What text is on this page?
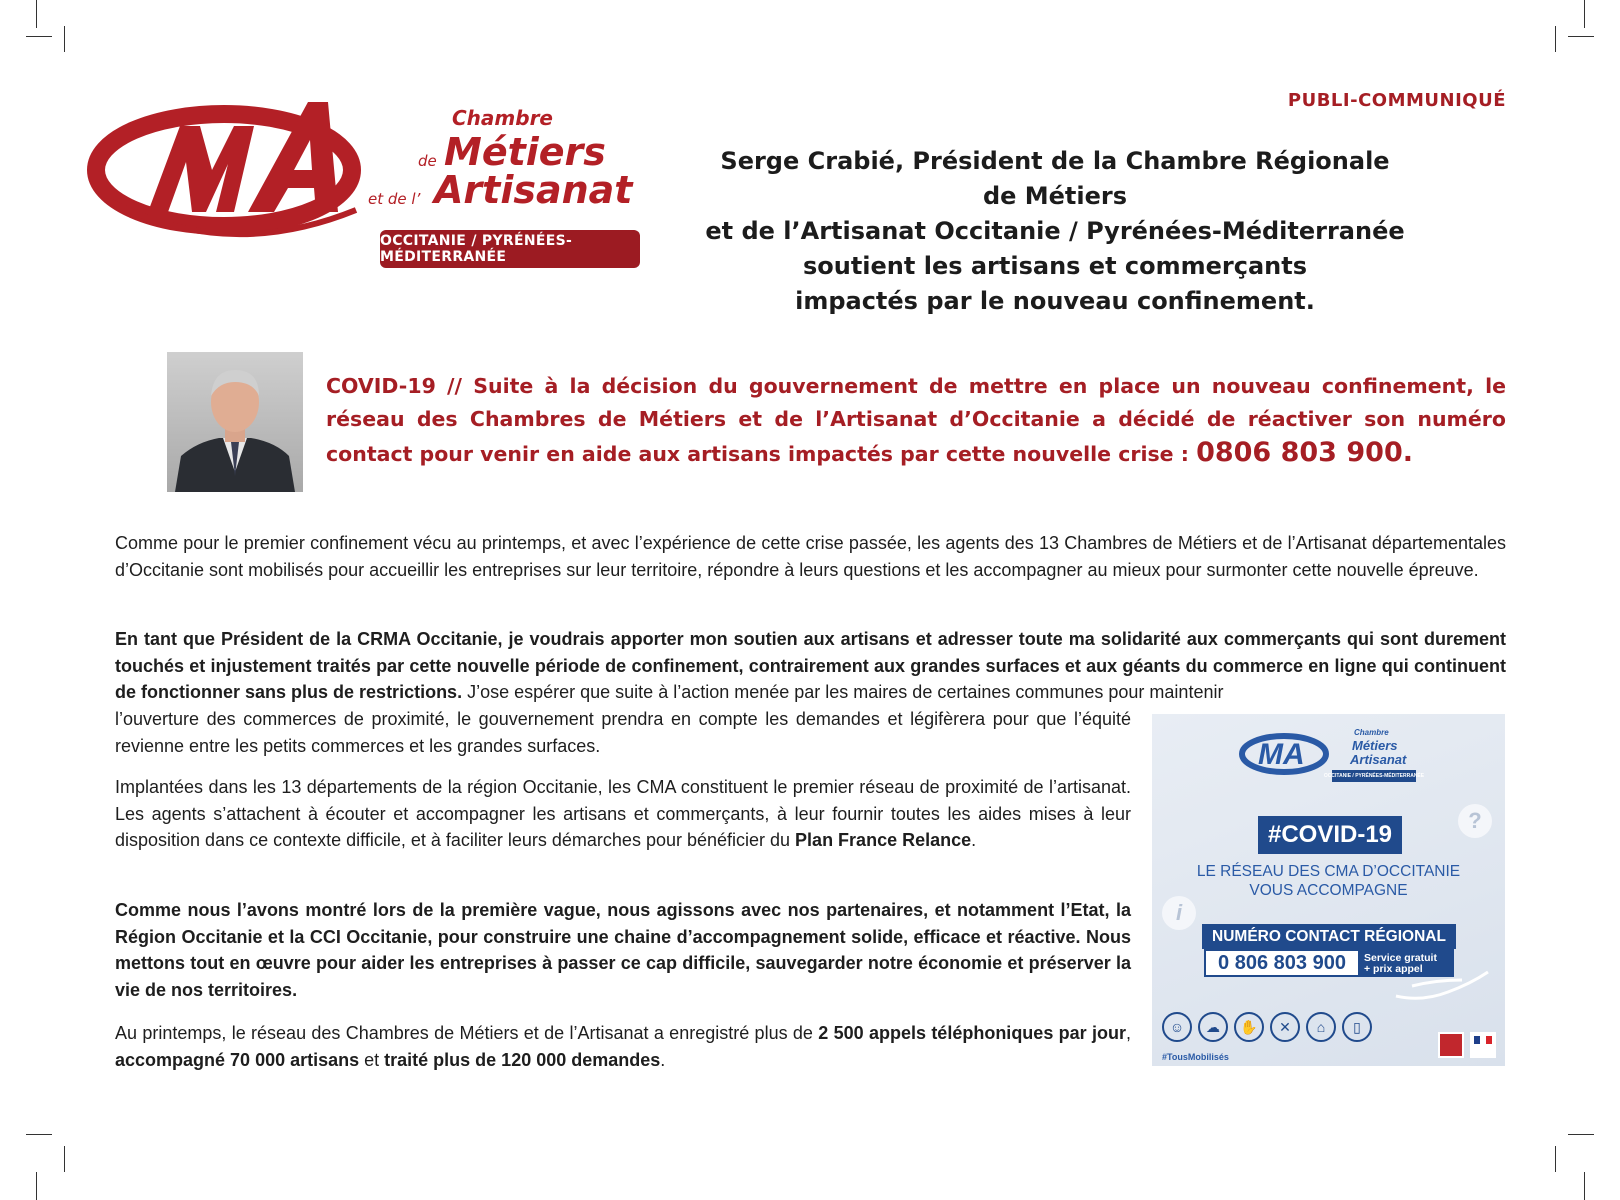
Chambre
de Métiers
et de l’ Artisanat
OCCITANIE / PYRÉNÉES-MÉDITERRANÉE
PUBLI-COMMUNIQUÉ
Serge Crabié, Président de la Chambre Régionale de Métiers
et de l’Artisanat Occitanie / Pyrénées-Méditerranée
soutient les artisans et commerçants
impactés par le nouveau confinement.
COVID-19 // Suite à la décision du gouvernement de mettre en place un nouveau confinement, le réseau des Chambres de Métiers et de l’Artisanat d’Occitanie a décidé de réactiver son numéro contact pour venir en aide aux artisans impactés par cette nouvelle crise : 0806 803 900.
Comme pour le premier confinement vécu au printemps, et avec l’expérience de cette crise passée, les agents des 13 Chambres de Métiers et de l’Artisanat départementales d’Occitanie sont mobilisés pour accueillir les entreprises sur leur territoire, répondre à leurs questions et les accompagner au mieux pour surmonter cette nouvelle épreuve.
En tant que Président de la CRMA Occitanie, je voudrais apporter mon soutien aux artisans et adresser toute ma solidarité aux commerçants qui sont durement touchés et injustement traités par cette nouvelle période de confinement, contrairement aux grandes surfaces et aux géants du commerce en ligne qui continuent de fonctionner sans plus de restrictions. J’ose espérer que suite à l’action menée par les maires de certaines communes pour maintenir
l’ouverture des commerces de proximité, le gouvernement prendra en compte les demandes et légifèrera pour que l’équité revienne entre les petits commerces et les grandes surfaces.
Implantées dans les 13 départements de la région Occitanie, les CMA constituent le premier réseau de proximité de l’artisanat. Les agents s’attachent à écouter et accompagner les artisans et commerçants, à leur fournir toutes les aides mises à leur disposition dans ce contexte difficile, et à faciliter leurs démarches pour bénéficier du Plan France Relance.
Comme nous l’avons montré lors de la première vague, nous agissons avec nos partenaires, et notamment l’Etat, la Région Occitanie et la CCI Occitanie, pour construire une chaine d’accompagnement solide, efficace et réactive. Nous mettons tout en œuvre pour aider les entreprises à passer ce cap difficile, sauvegarder notre économie et préserver la vie de nos territoires.
Au printemps, le réseau des Chambres de Métiers et de l’Artisanat a enregistré plus de 2 500 appels téléphoniques par jour, accompagné 70 000 artisans et traité plus de 120 000 demandes.
MA
Chambre
Métiers
Artisanat
OCCITANIE / PYRÉNÉES-MÉDITERRANÉE
?
i
#COVID-19
LE RÉSEAU DES CMA D’OCCITANIE
VOUS ACCOMPAGNE
NUMÉRO CONTACT RÉGIONAL
0 806 803 900	Service gratuit
+ prix appel
☺	☁	✋	✕	⌂	▯
#TousMobilisés
